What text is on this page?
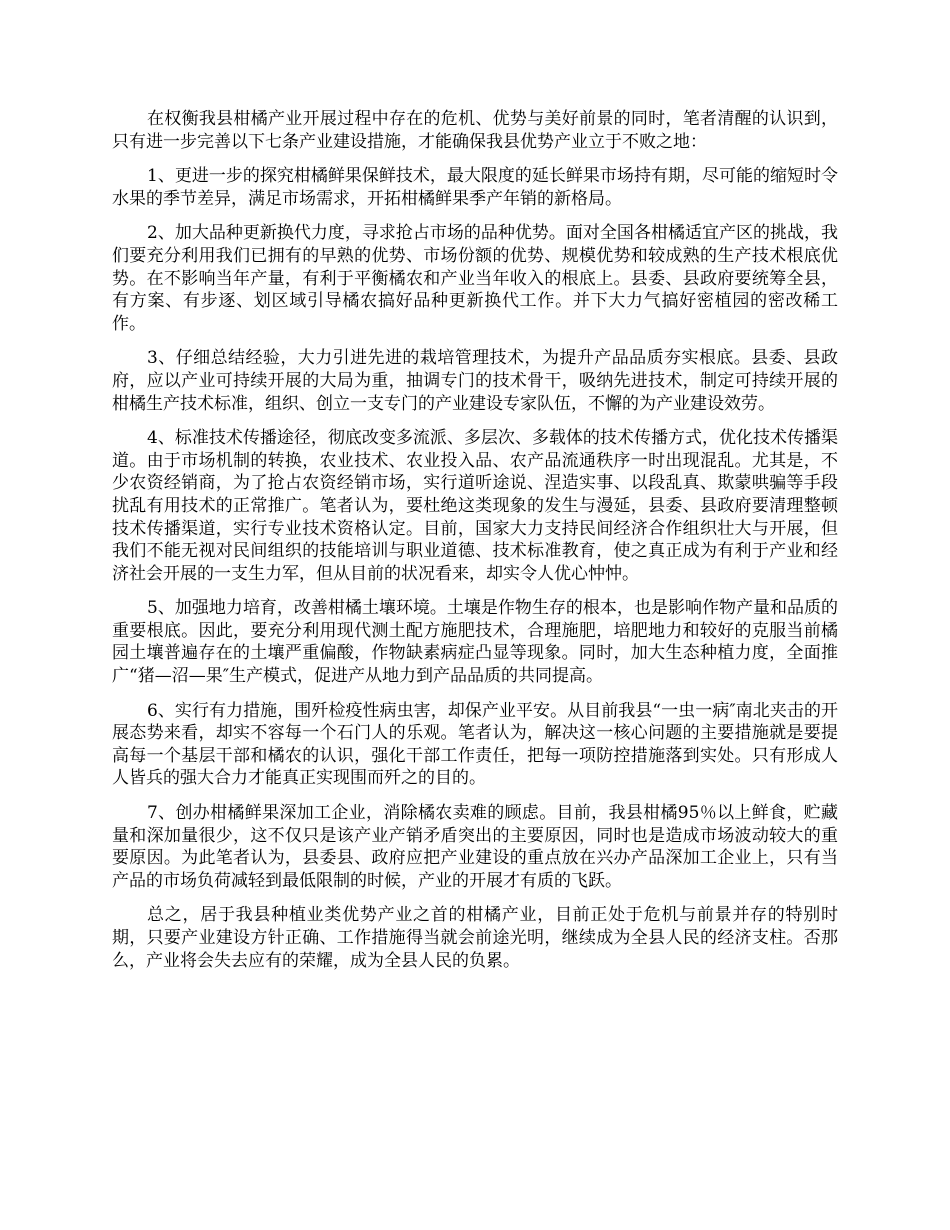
在权衡我县柑橘产业开展过程中存在的危机、优势与美好前景的同时，笔者清醒的认识到，只有进一步完善以下七条产业建设措施，才能确保我县优势产业立于不败之地：

1、更进一步的探究柑橘鲜果保鲜技术，最大限度的延长鲜果市场持有期，尽可能的缩短时令水果的季节差异，满足市场需求，开拓柑橘鲜果季产年销的新格局。

2、加大品种更新换代力度，寻求抢占市场的品种优势。面对全国各柑橘适宜产区的挑战，我们要充分利用我们已拥有的早熟的优势、市场份额的优势、规模优势和较成熟的生产技术根底优势。在不影响当年产量，有利于平衡橘农和产业当年收入的根底上。县委、县政府要统筹全县，有方案、有步逐、划区域引导橘农搞好品种更新换代工作。并下大力气搞好密植园的密改稀工作。

3、仔细总结经验，大力引进先进的栽培管理技术，为提升产品品质夯实根底。县委、县政府，应以产业可持续开展的大局为重，抽调专门的技术骨干，吸纳先进技术，制定可持续开展的柑橘生产技术标准，组织、创立一支专门的产业建设专家队伍，不懈的为产业建设效劳。

4、标准技术传播途径，彻底改变多流派、多层次、多载体的技术传播方式，优化技术传播渠道。由于市场机制的转换，农业技术、农业投入品、农产品流通秩序一时出现混乱。尤其是，不少农资经销商，为了抢占农资经销市场，实行道听途说、涅造实事、以段乱真、欺蒙哄骗等手段扰乱有用技术的正常推广。笔者认为，要杜绝这类现象的发生与漫延，县委、县政府要清理整顿技术传播渠道，实行专业技术资格认定。目前，国家大力支持民间经济合作组织壮大与开展，但我们不能无视对民间组织的技能培训与职业道德、技术标准教育，使之真正成为有利于产业和经济社会开展的一支生力军，但从目前的状况看来，却实令人优心忡忡。

5、加强地力培育，改善柑橘土壤环境。土壤是作物生存的根本，也是影响作物产量和品质的重要根底。因此，要充分利用现代测土配方施肥技术，合理施肥，培肥地力和较好的克服当前橘园土壤普遍存在的土壤严重偏酸，作物缺素病症凸显等现象。同时，加大生态种植力度，全面推广“猪—沼—果″生产模式，促进产从地力到产品品质的共同提高。

6、实行有力措施，围歼检疫性病虫害，却保产业平安。从目前我县“一虫一病″南北夹击的开展态势来看，却实不容每一个石门人的乐观。笔者认为，解决这一核心问题的主要措施就是要提高每一个基层干部和橘农的认识，强化干部工作责任，把每一项防控措施落到实处。只有形成人人皆兵的强大合力才能真正实现围而歼之的目的。

7、创办柑橘鲜果深加工企业，消除橘农卖难的顾虑。目前，我县柑橘95％以上鲜食，贮藏量和深加量很少，这不仅只是该产业产销矛盾突出的主要原因，同时也是造成市场波动较大的重要原因。为此笔者认为，县委县、政府应把产业建设的重点放在兴办产品深加工企业上，只有当产品的市场负荷减轻到最低限制的时候，产业的开展才有质的飞跃。

总之，居于我县种植业类优势产业之首的柑橘产业，目前正处于危机与前景并存的特别时期，只要产业建设方针正确、工作措施得当就会前途光明，继续成为全县人民的经济支柱。否那么，产业将会失去应有的荣耀，成为全县人民的负累。
